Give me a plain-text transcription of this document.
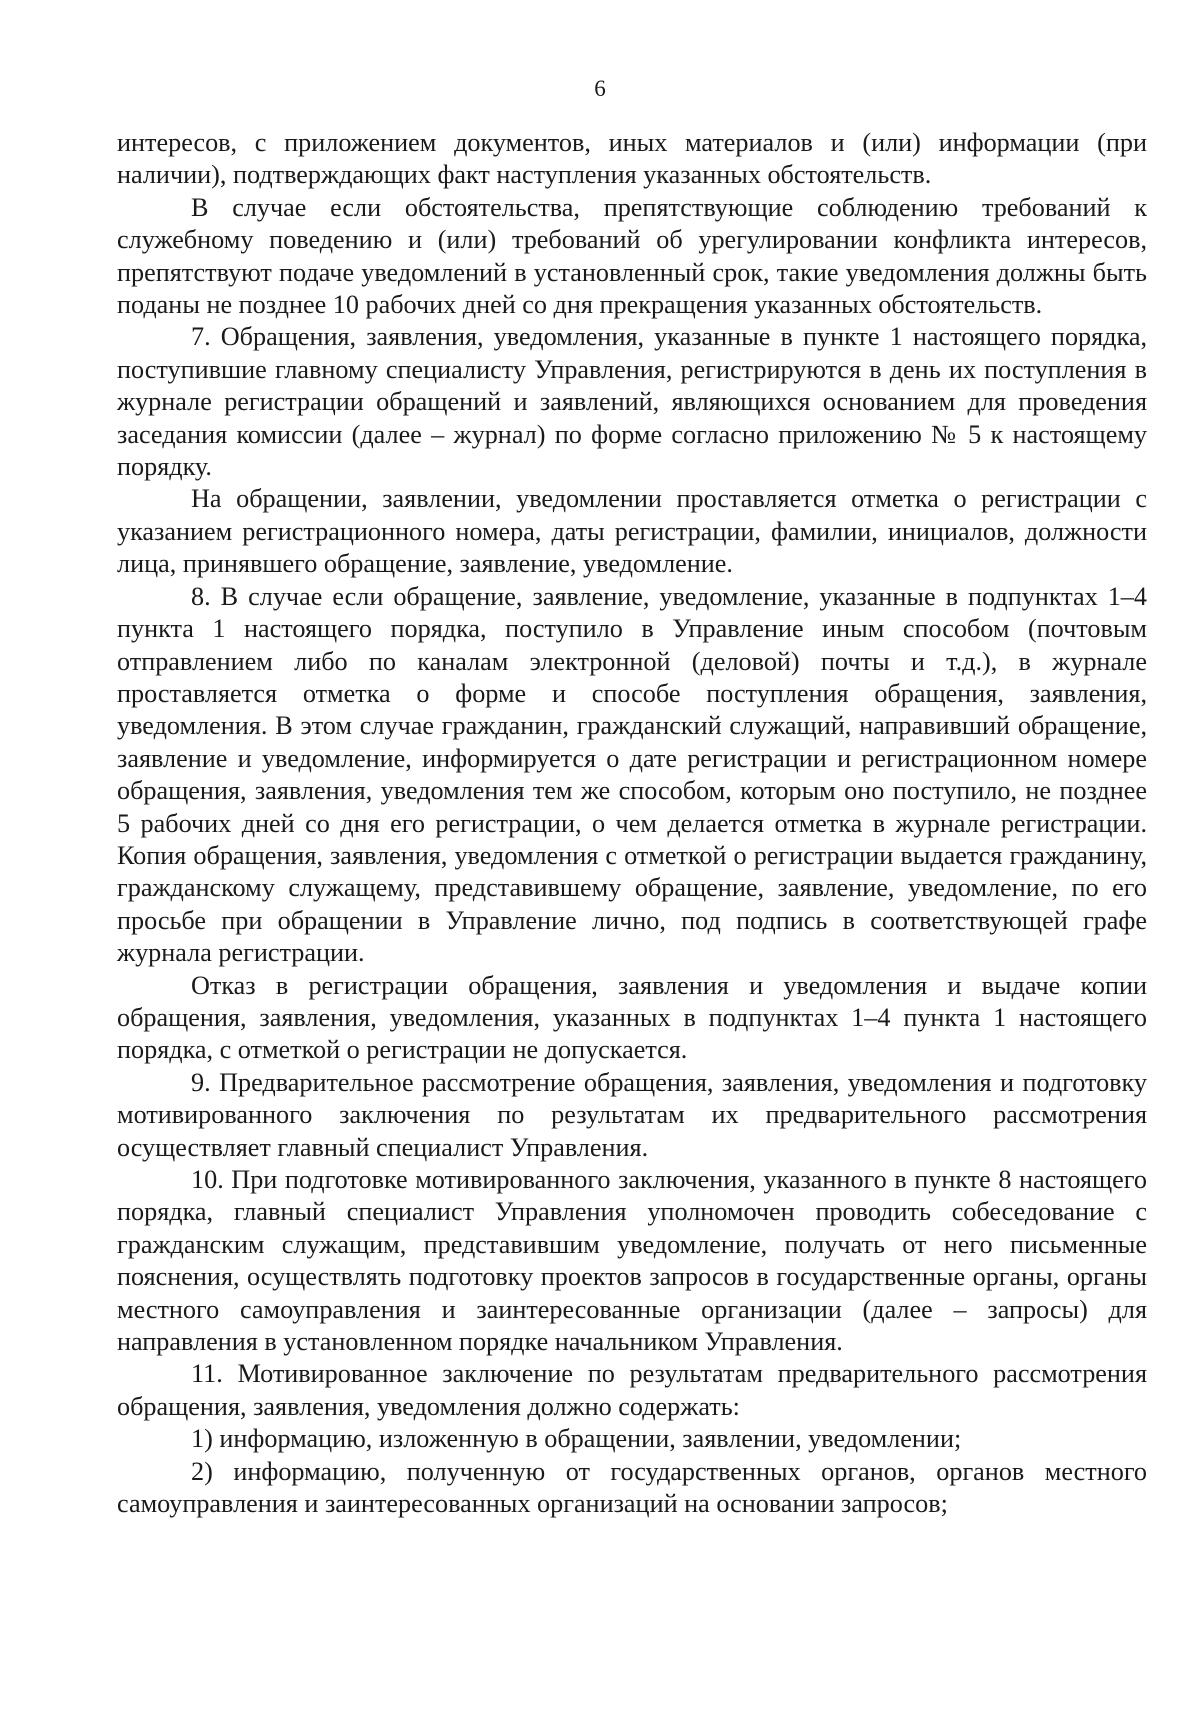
6

интересов, с приложением документов, иных материалов и (или) информации (при наличии), подтверждающих факт наступления указанных обстоятельств.

В случае если обстоятельства, препятствующие соблюдению требований к служебному поведению и (или) требований об урегулировании конфликта интересов, препятствуют подаче уведомлений в установленный срок, такие уведомления должны быть поданы не позднее 10 рабочих дней со дня прекращения указанных обстоятельств.

7. Обращения, заявления, уведомления, указанные в пункте 1 настоящего порядка, поступившие главному специалисту Управления, регистрируются в день их поступления в журнале регистрации обращений и заявлений, являющихся основанием для проведения заседания комиссии (далее – журнал) по форме согласно приложению № 5 к настоящему порядку.

На обращении, заявлении, уведомлении проставляется отметка о регистрации с указанием регистрационного номера, даты регистрации, фамилии, инициалов, должности лица, принявшего обращение, заявление, уведомление.

8. В случае если обращение, заявление, уведомление, указанные в подпунктах 1–4 пункта 1 настоящего порядка, поступило в Управление иным способом (почтовым отправлением либо по каналам электронной (деловой) почты и т.д.), в журнале проставляется отметка о форме и способе поступления обращения, заявления, уведомления. В этом случае гражданин, гражданский служащий, направивший обращение, заявление и уведомление, информируется о дате регистрации и регистрационном номере обращения, заявления, уведомления тем же способом, которым оно поступило, не позднее 5 рабочих дней со дня его регистрации, о чем делается отметка в журнале регистрации. Копия обращения, заявления, уведомления с отметкой о регистрации выдается гражданину, гражданскому служащему, представившему обращение, заявление, уведомление, по его просьбе при обращении в Управление лично, под подпись в соответствующей графе журнала регистрации.

Отказ в регистрации обращения, заявления и уведомления и выдаче копии обращения, заявления, уведомления, указанных в подпунктах 1–4 пункта 1 настоящего порядка, с отметкой о регистрации не допускается.

9. Предварительное рассмотрение обращения, заявления, уведомления и подготовку мотивированного заключения по результатам их предварительного рассмотрения осуществляет главный специалист Управления.

10. При подготовке мотивированного заключения, указанного в пункте 8 настоящего порядка, главный специалист Управления уполномочен проводить собеседование с гражданским служащим, представившим уведомление, получать от него письменные пояснения, осуществлять подготовку проектов запросов в государственные органы, органы местного самоуправления и заинтересованные организации (далее – запросы) для направления в установленном порядке начальником Управления.

11. Мотивированное заключение по результатам предварительного рассмотрения обращения, заявления, уведомления должно содержать:

1) информацию, изложенную в обращении, заявлении, уведомлении;

2) информацию, полученную от государственных органов, органов местного самоуправления и заинтересованных организаций на основании запросов;
